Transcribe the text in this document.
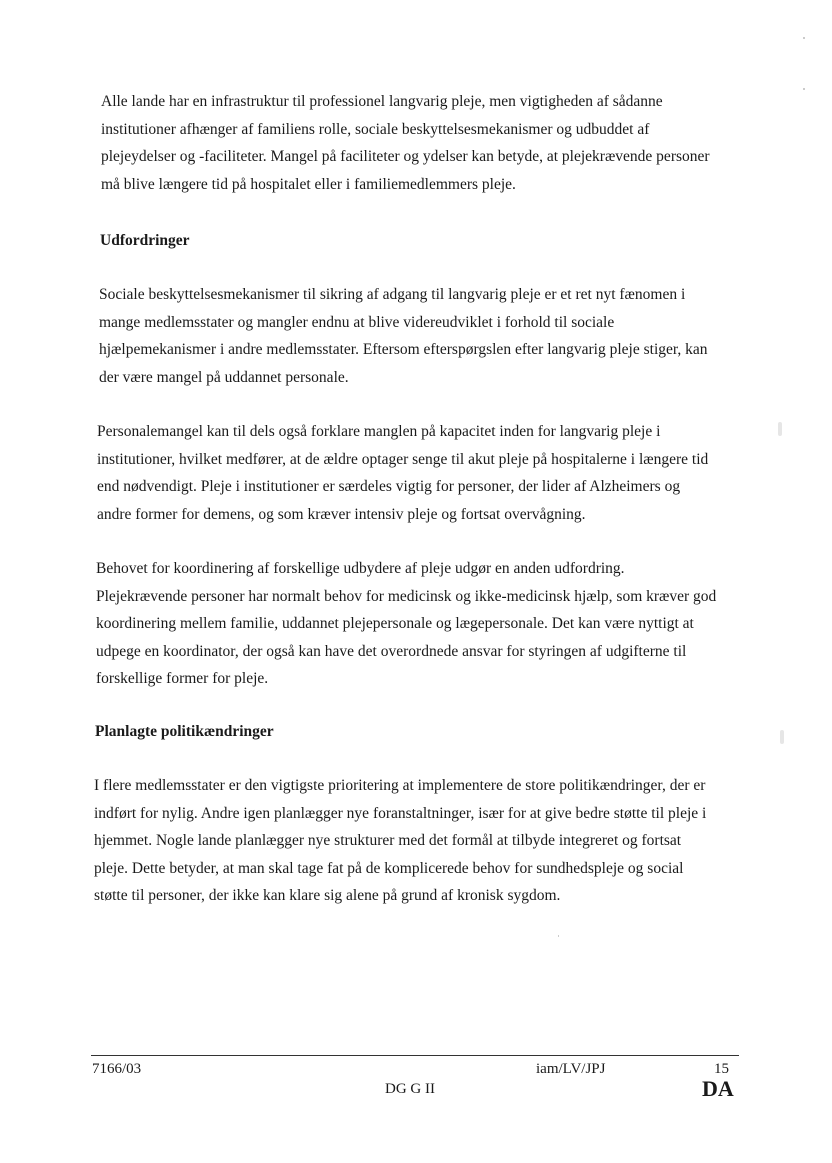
Alle lande har en infrastruktur til professionel langvarig pleje, men vigtigheden af sådanne
institutioner afhænger af familiens rolle, sociale beskyttelsesmekanismer og udbuddet af
plejeydelser og -faciliteter. Mangel på faciliteter og ydelser kan betyde, at plejekrævende personer
må blive længere tid på hospitalet eller i familiemedlemmers pleje.

Udfordringer

Sociale beskyttelsesmekanismer til sikring af adgang til langvarig pleje er et ret nyt fænomen i
mange medlemsstater og mangler endnu at blive videreudviklet i forhold til sociale
hjælpemekanismer i andre medlemsstater. Eftersom efterspørgslen efter langvarig pleje stiger, kan
der være mangel på uddannet personale.

Personalemangel kan til dels også forklare manglen på kapacitet inden for langvarig pleje i
institutioner, hvilket medfører, at de ældre optager senge til akut pleje på hospitalerne i længere tid
end nødvendigt. Pleje i institutioner er særdeles vigtig for personer, der lider af Alzheimers og
andre former for demens, og som kræver intensiv pleje og fortsat overvågning.

Behovet for koordinering af forskellige udbydere af pleje udgør en anden udfordring.
Plejekrævende personer har normalt behov for medicinsk og ikke-medicinsk hjælp, som kræver god
koordinering mellem familie, uddannet plejepersonale og lægepersonale. Det kan være nyttigt at
udpege en koordinator, der også kan have det overordnede ansvar for styringen af udgifterne til
forskellige former for pleje.

Planlagte politikændringer

I flere medlemsstater er den vigtigste prioritering at implementere de store politikændringer, der er
indført for nylig. Andre igen planlægger nye foranstaltninger, især for at give bedre støtte til pleje i
hjemmet. Nogle lande planlægger nye strukturer med det formål at tilbyde integreret og fortsat
pleje. Dette betyder, at man skal tage fat på de komplicerede behov for sundhedspleje og social
støtte til personer, der ikke kan klare sig alene på grund af kronisk sygdom.

7166/03	iam/LV/JPJ	15
DG G II	DA
